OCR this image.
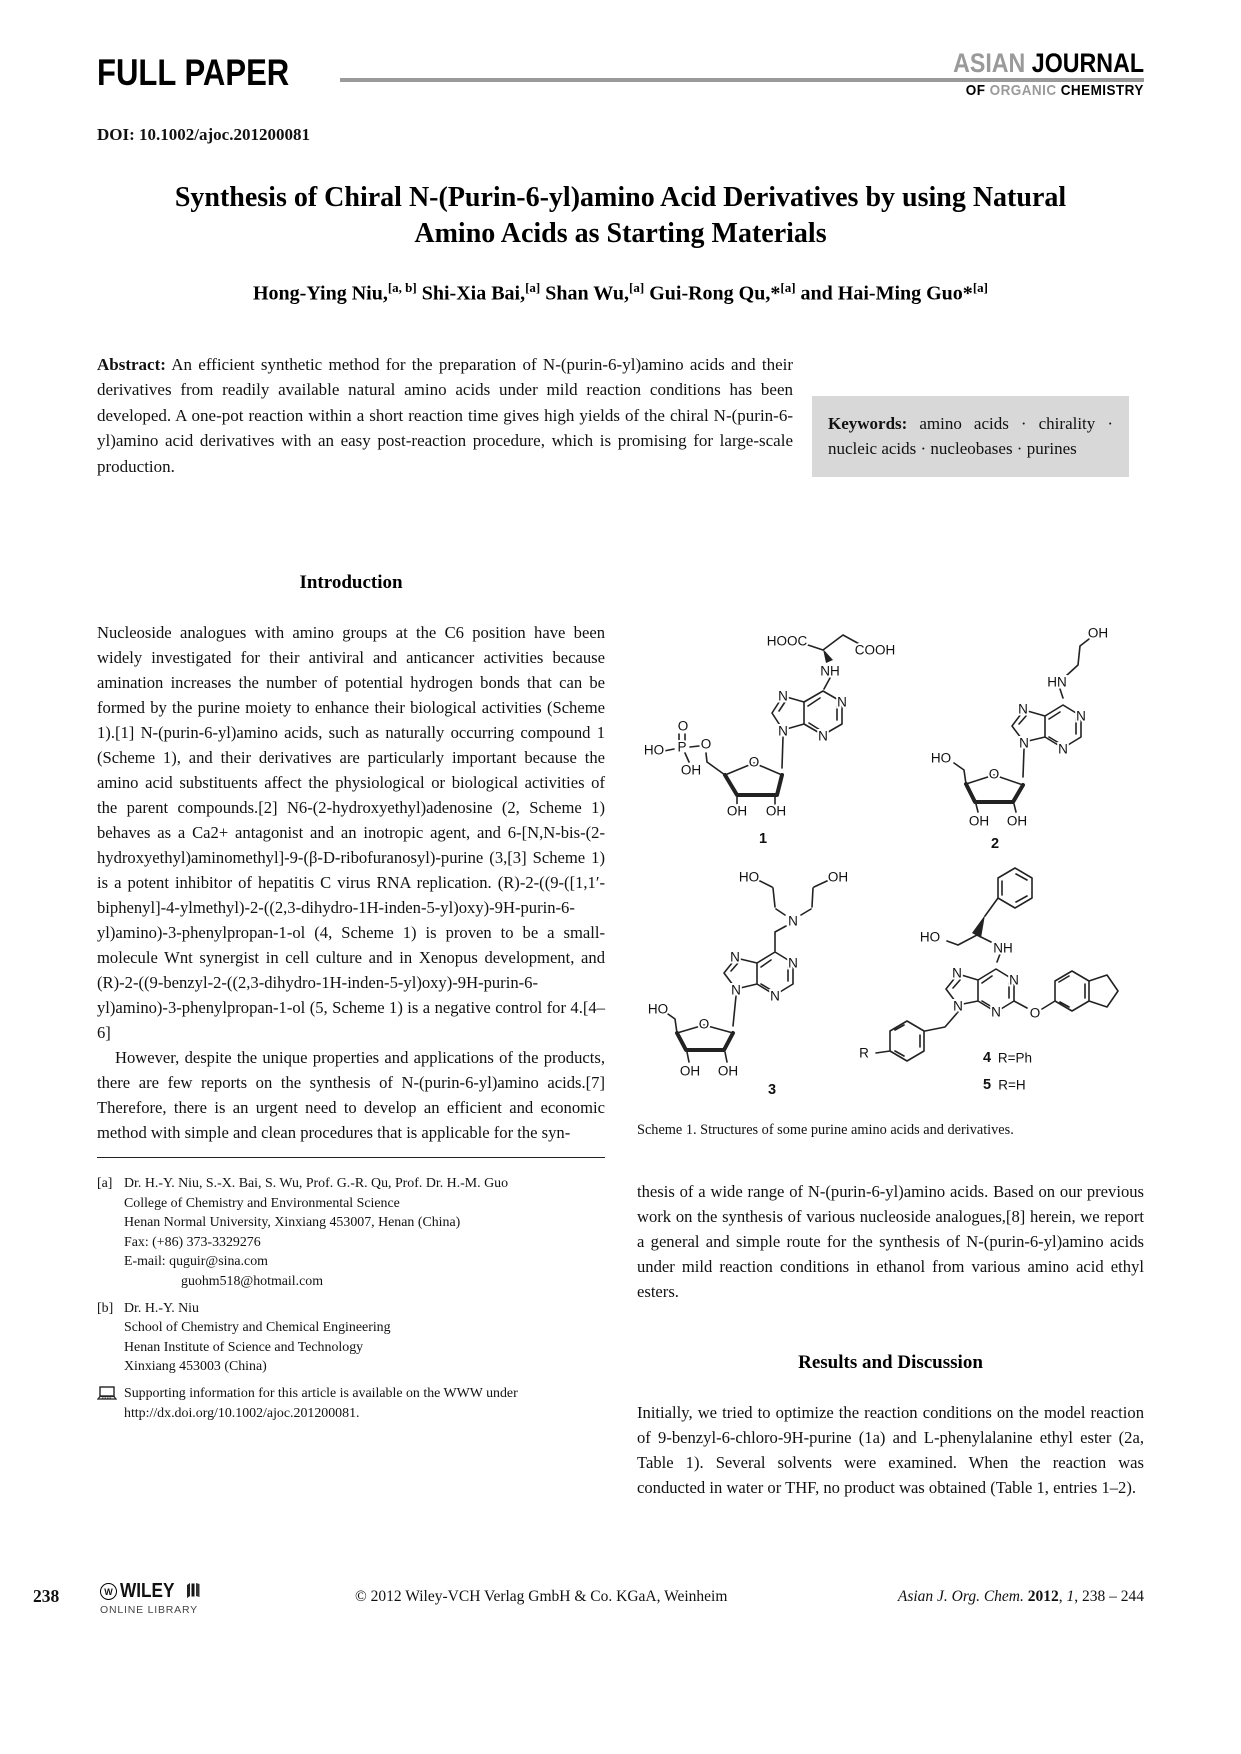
FULL PAPER	ASIAN JOURNAL
OF ORGANIC CHEMISTRY
DOI: 10.1002/ajoc.201200081
Synthesis of Chiral N-(Purin-6-yl)amino Acid Derivatives by using Natural
Amino Acids as Starting Materials
Hong-Ying Niu,[a, b] Shi-Xia Bai,[a] Shan Wu,[a] Gui-Rong Qu,*[a] and Hai-Ming Guo*[a]
Abstract: An efficient synthetic method for the preparation of N-(purin-6-yl)amino acids and their derivatives from readily available natural amino acids under mild reaction conditions has been developed. A one-pot reaction within a short reaction time gives high yields of the chiral N-(purin-6-yl)amino acid derivatives with an easy post-reaction procedure, which is promising for large-scale production.
Keywords: amino acids · chirality · nucleic acids · nucleobases · purines
Introduction
Nucleoside analogues with amino groups at the C6 position have been widely investigated for their antiviral and anticancer activities because amination increases the number of potential hydrogen bonds that can be formed by the purine moiety to enhance their biological activities (Scheme 1).[1] N-(purin-6-yl)amino acids, such as naturally occurring compound 1 (Scheme 1), and their derivatives are particularly important because the amino acid substituents affect the physiological or biological activities of the parent compounds.[2] N6-(2-hydroxyethyl)adenosine (2, Scheme 1) behaves as a Ca2+ antagonist and an inotropic agent, and 6-[N,N-bis-(2-hydroxyethyl)aminomethyl]-9-(β-D-ribofuranosyl)-purine (3,[3] Scheme 1) is a potent inhibitor of hepatitis C virus RNA replication. (R)-2-((9-([1,1′-biphenyl]-4-ylmethyl)-2-((2,3-dihydro-1H-inden-5-yl)oxy)-9H-purin-6-yl)amino)-3-phenylpropan-1-ol (4, Scheme 1) is proven to be a small-molecule Wnt synergist in cell culture and in Xenopus development, and (R)-2-((9-benzyl-2-((2,3-dihydro-1H-inden-5-yl)oxy)-9H-purin-6-yl)amino)-3-phenylpropan-1-ol (5, Scheme 1) is a negative control for 4.[4–6]
However, despite the unique properties and applications of the products, there are few reports on the synthesis of N-(purin-6-yl)amino acids.[7] Therefore, there is an urgent need to develop an efficient and economic method with simple and clean procedures that is applicable for the syn-
[a] Dr. H.-Y. Niu, S.-X. Bai, S. Wu, Prof. G.-R. Qu, Prof. Dr. H.-M. Guo
College of Chemistry and Environmental Science
Henan Normal University, Xinxiang 453007, Henan (China)
Fax: (+86) 373-3329276
E-mail: quguir@sina.com
guohm518@hotmail.com
[b] Dr. H.-Y. Niu
School of Chemistry and Chemical Engineering
Henan Institute of Science and Technology
Xinxiang 453003 (China)
Supporting information for this article is available on the WWW under http://dx.doi.org/10.1002/ajoc.201200081.
HOOC
COOH
NH
N
N
N
N
O
OH OH
O
HO P O
OH
1
OH
HN
N
N
N
N
O
HO
OH OH
2
HO	OH
N
N
N
N
N
O
HO
OH OH
3
HO
NH
N
N
N
N	O
R	4 R=Ph
5 R=H
Scheme 1. Structures of some purine amino acids and derivatives.
thesis of a wide range of N-(purin-6-yl)amino acids. Based on our previous work on the synthesis of various nucleoside analogues,[8] herein, we report a general and simple route for the synthesis of N-(purin-6-yl)amino acids under mild reaction conditions in ethanol from various amino acid ethyl esters.
Results and Discussion
Initially, we tried to optimize the reaction conditions on the model reaction of 9-benzyl-6-chloro-9H-purine (1a) and L-phenylalanine ethyl ester (2a, Table 1). Several solvents were examined. When the reaction was conducted in water or THF, no product was obtained (Table 1, entries 1–2).
238	W WILEY
ONLINE LIBRARY
© 2012 Wiley-VCH Verlag GmbH & Co. KGaA, Weinheim	Asian J. Org. Chem. 2012, 1, 238 – 244
